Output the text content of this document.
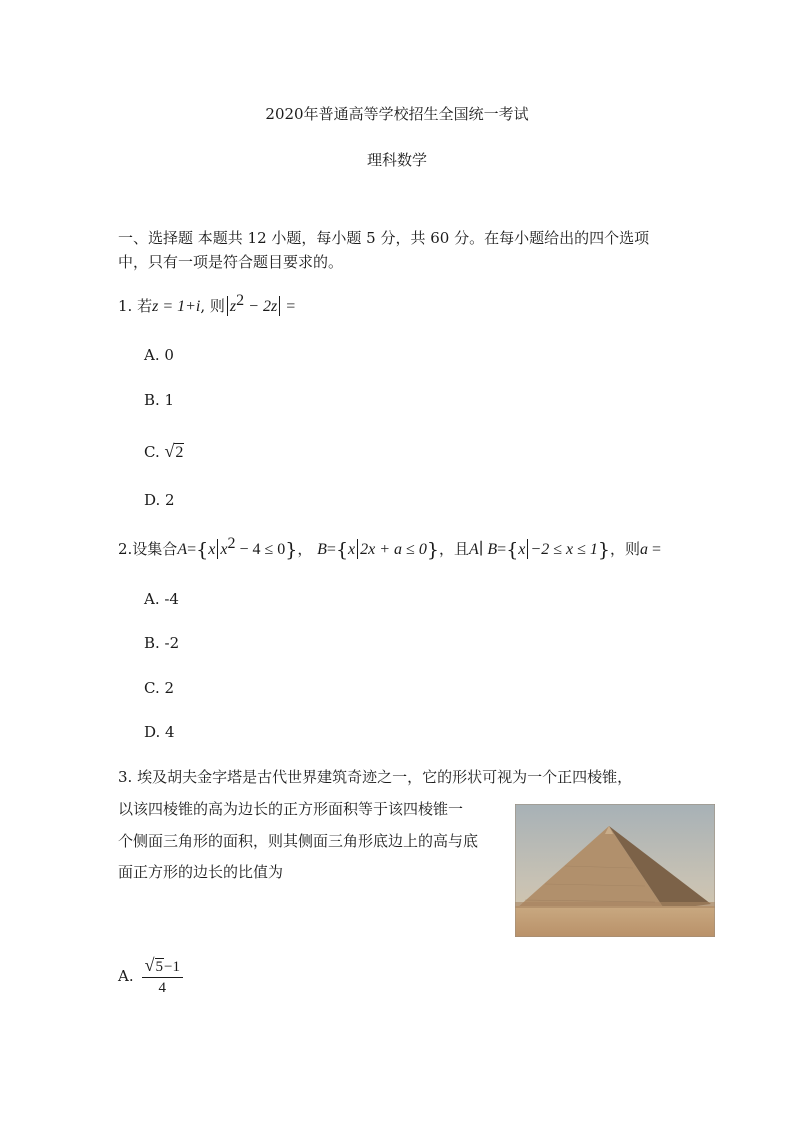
2020年普通高等学校招生全国统一考试
理科数学
一、选择题 本题共 12 小题，每小题 5 分，共 60 分。在每小题给出的四个选项
中，只有一项是符合题目要求的。
1. 若z = 1+i, 则 $z^2 - 2z$ =
A. 0
B. 1
C. √2
D. 2
2.设集合A={x $x^2 - 4 \le 0$}， B={x 2x + a ≤ 0}，且A∣ B={x −2 ≤ x ≤ 1}，则a =
A. -4
B. -2
C. 2
D. 4
3. 埃及胡夫金字塔是古代世界建筑奇迹之一，它的形状可视为一个正四棱锥，
以该四棱锥的高为边长的正方形面积等于该四棱锥一
个侧面三角形的面积，则其侧面三角形底边上的高与底
面正方形的边长的比值为
A. $\frac{√5-1}{4}$
